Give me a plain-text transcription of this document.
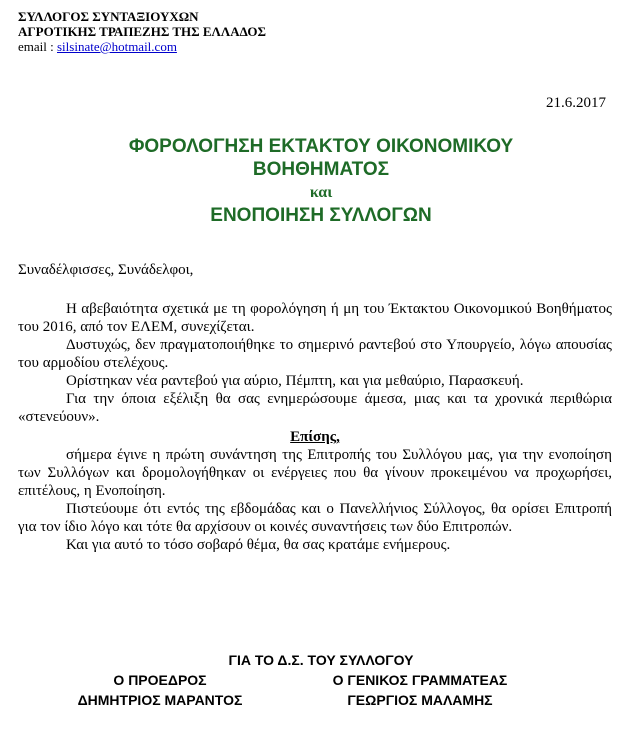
ΣΥΛΛΟΓΟΣ ΣΥΝΤΑΞΙΟΥΧΩΝ
ΑΓΡΟΤΙΚΗΣ ΤΡΑΠΕΖΗΣ ΤΗΣ ΕΛΛΑΔΟΣ
email : silsinate@hotmail.com
21.6.2017
ΦΟΡΟΛΟΓΗΣΗ ΕΚΤΑΚΤΟΥ ΟΙΚΟΝΟΜΙΚΟΥ
ΒΟΗΘΗΜΑΤΟΣ
και
ΕΝΟΠΟΙΗΣΗ ΣΥΛΛΟΓΩΝ
Συναδέλφισσες, Συνάδελφοι,

Η αβεβαιότητα σχετικά με τη φορολόγηση ή μη του Έκτακτου Οικονομικού Βοηθήματος του 2016, από τον ΕΛΕΜ, συνεχίζεται.

Δυστυχώς, δεν πραγματοποιήθηκε το σημερινό ραντεβού στο Υπουργείο, λόγω απουσίας του αρμοδίου στελέχους.

Ορίστηκαν νέα ραντεβού για αύριο, Πέμπτη, και για μεθαύριο, Παρασκευή.

Για την όποια εξέλιξη θα σας ενημερώσουμε άμεσα, μιας και τα χρονικά περιθώρια «στενεύουν».

Επίσης,

σήμερα έγινε η πρώτη συνάντηση της Επιτροπής του Συλλόγου μας, για την ενοποίηση των Συλλόγων και δρομολογήθηκαν οι ενέργειες που θα γίνουν προκειμένου να προχωρήσει, επιτέλους, η Ενοποίηση.

Πιστεύουμε ότι εντός της εβδομάδας και ο Πανελλήνιος Σύλλογος, θα ορίσει Επιτροπή για τον ίδιο λόγο και τότε θα αρχίσουν οι κοινές συναντήσεις των δύο Επιτροπών.

Και για αυτό το τόσο σοβαρό θέμα, θα σας κρατάμε ενήμερους.

ΓΙΑ ΤΟ Δ.Σ. ΤΟΥ ΣΥΛΛΟΓΟΥ
Ο ΠΡΟΕΔΡΟΣ
ΔΗΜΗΤΡΙΟΣ ΜΑΡΑΝΤΟΣ
Ο ΓΕΝΙΚΟΣ ΓΡΑΜΜΑΤΕΑΣ
ΓΕΩΡΓΙΟΣ ΜΑΛΑΜΗΣ
